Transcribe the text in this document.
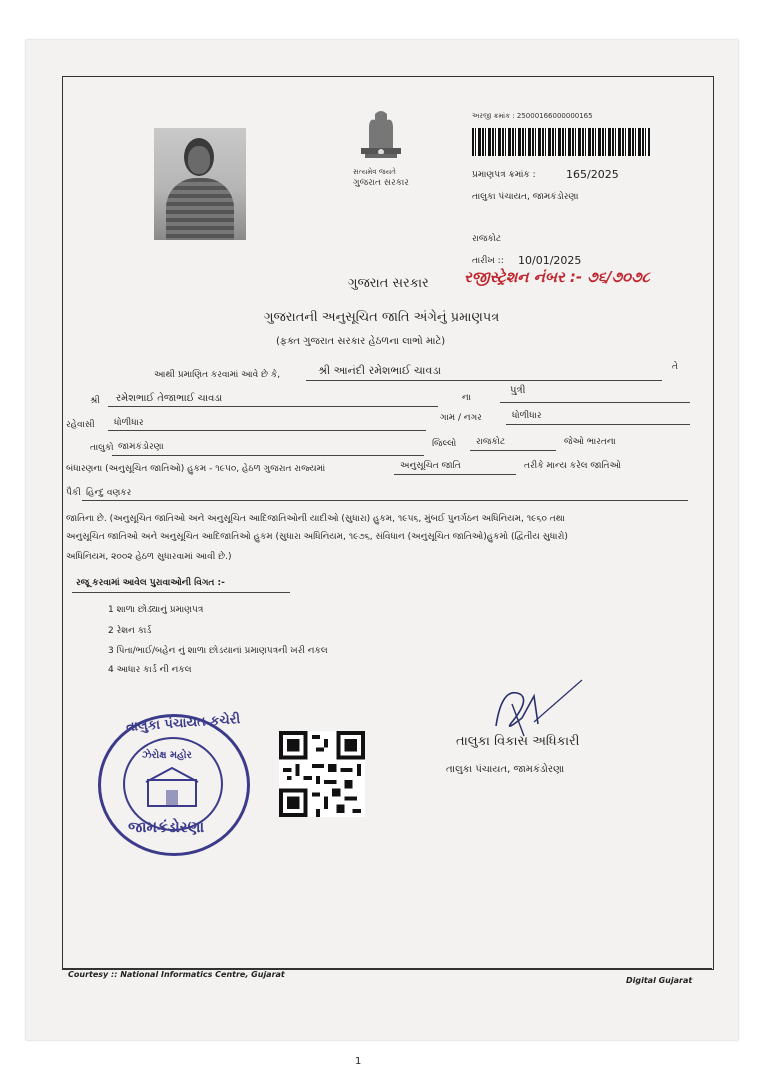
સત્યમેવ જયતે
ગુજરાત સરકાર
અરજી ક્રમાંક : 25000166000000165
પ્રમાણપત્ર ક્રમાંક :	165/2025
તાલુકા પંચાયત, જામકંડોરણા
રાજકોટ
તારીખ :: 10/01/2025
ગુજરાત સરકાર રજીસ્ટ્રેશન નંબર :- ૭૬/૭૦૭૮
ગુજરાતની અનુસૂચિત જાતિ અંગેનું પ્રમાણપત્ર
(ફક્ત ગુજરાત સરકાર હેઠળના લાભો માટે)
આથી પ્રમાણિત કરવામાં આવે છે કે,	શ્રી આનંદી રમેશભાઈ ચાવડા	તે
શ્રી રમેશભાઈ તેજાભાઈ ચાવડા	ના
પુત્રી
રહેવાસી ધોળીધાર	ગામ / નગર	ધોળીધાર
તાલુકો જામકંડોરણા	જિલ્લો રાજકોટ	જેઓ ભારતના
બંધારણના (અનુસૂચિત જાતિઓ) હુકમ - ૧૯૫૦, હેઠળ ગુજરાત રાજ્યમાં	અનુસૂચિત જાતિ	તરીકે માન્ય કરેલ જાતિઓ
પૈકી હિન્દુ વણકર
જાતિના છે. (અનુસૂચિત જાતિઓ અને અનુસૂચિત આદિજાતિઓની યાદીઓ (સુધારા) હુકમ, ૧૯૫૬, મુંબઈ પુનર્ગઠન અધિનિયમ, ૧૯૬૦ તથા
અનુસૂચિત જાતિઓ અને અનુસૂચિત આદિજાતિઓ હુકમ (સુધારા અધિનિયમ, ૧૯૭૬, સંવિધાન (અનુસૂચિત જાતિઓ)હુકમો (દ્વિતીય સુધારો)
અધિનિયમ, ૨૦૦૨ હેઠળ સુધારવામાં આવી છે.)
રજૂ કરવામાં આવેલ પુરાવાઓની વિગત :-
1 શાળા છોડ્યાનું પ્રમાણપત્ર
2 રેશન કાર્ડ
3 પિતા/ભાઈ/બહેન નું શાળા છોડયાનાં પ્રમાણપત્રની ખરી નકલ
4 આધાર કાર્ડ ની નકલ
તાલુકા પંચાયત કચેરી
ઝેરોક્ષ મહોર
જામકંડોરણા
તાલુકા વિકાસ અધિકારી
તાલુકા પંચાયત, જામકંડોરણા
Courtesy :: National Informatics Centre, Gujarat
Digital Gujarat
1
